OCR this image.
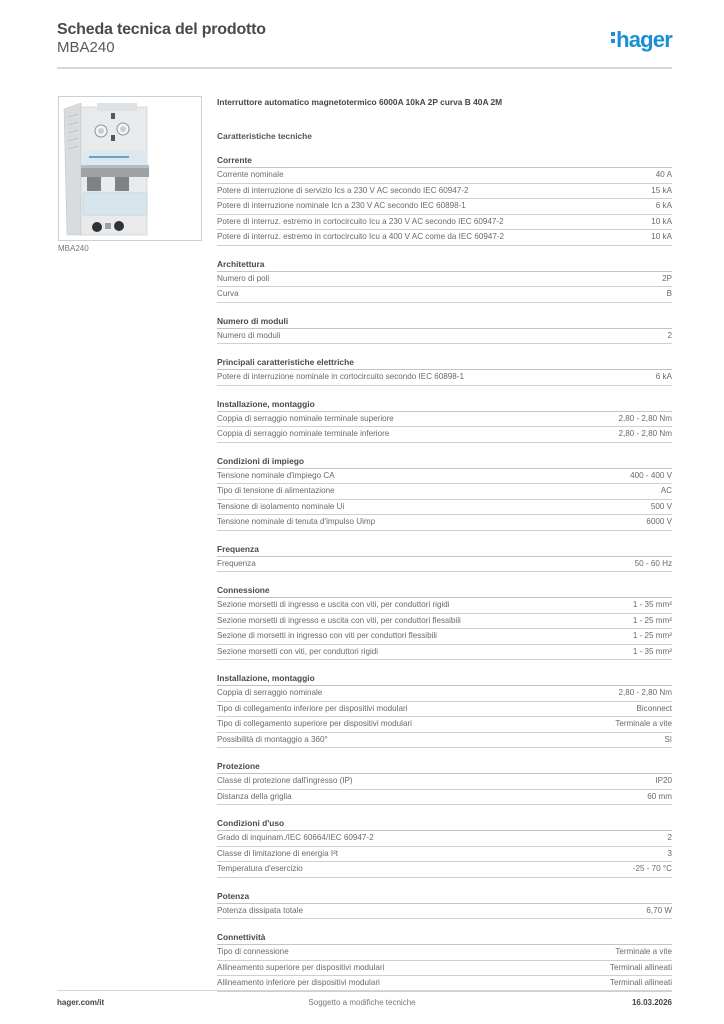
Scheda tecnica del prodotto
MBA240	hager
MBA240
Interruttore automatico magnetotermico 6000A 10kA 2P curva B 40A 2M
Caratteristiche tecniche
Corrente
Corrente nominale	40 A
Potere di interruzione di servizio Ics a 230 V AC secondo IEC 60947-2	15 kA
Potere di interruzione nominale Icn a 230 V AC secondo IEC 60898-1	6 kA
Potere di interruz. estremo in cortocircuito Icu a 230 V AC secondo IEC 60947-2	10 kA
Potere di interruz. estremo in cortocircuito Icu a 400 V AC come da IEC 60947-2	10 kA
Architettura
Numero di poli	2P
Curva	B
Numero di moduli
Numero di moduli	2
Principali caratteristiche elettriche
Potere di interruzione nominale in cortocircuito secondo IEC 60898-1	6 kA
Installazione, montaggio
Coppia di serraggio nominale terminale superiore	2,80 - 2,80 Nm
Coppia di serraggio nominale terminale inferiore	2,80 - 2,80 Nm
Condizioni di impiego
Tensione nominale d'impiego CA	400 - 400 V
Tipo di tensione di alimentazione	AC
Tensione di isolamento nominale Ui	500 V
Tensione nominale di tenuta d'impulso Uimp	6000 V
Frequenza
Frequenza	50 - 60 Hz
Connessione
Sezione morsetti di ingresso e uscita con viti, per conduttori rigidi	1 - 35 mm²
Sezione morsetti di ingresso e uscita con viti, per conduttori flessibili	1 - 25 mm²
Sezione di morsetti in ingresso con viti per conduttori flessibili	1 - 25 mm²
Sezione morsetti con viti, per conduttori rigidi	1 - 35 mm²
Installazione, montaggio
Coppia di serraggio nominale	2,80 - 2,80 Nm
Tipo di collegamento inferiore per dispositivi modulari	Biconnect
Tipo di collegamento superiore per dispositivi modulari	Terminale a vite
Possibilità di montaggio a 360°	Sì
Protezione
Classe di protezione dall'ingresso (IP)	IP20
Distanza della griglia	60 mm
Condizioni d'uso
Grado di inquinam./IEC 60664/IEC 60947-2	2
Classe di limitazione di energia I²t	3
Temperatura d'esercizio	-25 - 70 °C
Potenza
Potenza dissipata totale	6,70 W
Connettività
Tipo di connessione	Terminale a vite
Allineamento superiore per dispositivi modulari	Terminali allineati
Allineamento inferiore per dispositivi modulari	Terminali allineati
hager.com/it	Soggetto a modifiche tecniche	16.03.2026
